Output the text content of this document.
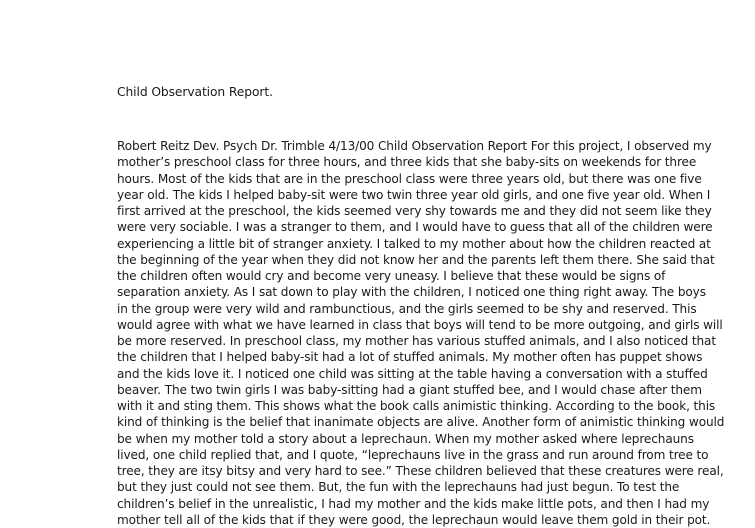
Child Observation Report.
Robert Reitz Dev. Psych Dr. Trimble 4/13/00 Child Observation Report For this project, I observed my
mother’s preschool class for three hours, and three kids that she baby-sits on weekends for three
hours. Most of the kids that are in the preschool class were three years old, but there was one five
year old. The kids I helped baby-sit were two twin three year old girls, and one five year old. When I
first arrived at the preschool, the kids seemed very shy towards me and they did not seem like they
were very sociable. I was a stranger to them, and I would have to guess that all of the children were
experiencing a little bit of stranger anxiety. I talked to my mother about how the children reacted at
the beginning of the year when they did not know her and the parents left them there. She said that
the children often would cry and become very uneasy. I believe that these would be signs of
separation anxiety. As I sat down to play with the children, I noticed one thing right away. The boys
in the group were very wild and rambunctious, and the girls seemed to be shy and reserved. This
would agree with what we have learned in class that boys will tend to be more outgoing, and girls will
be more reserved. In preschool class, my mother has various stuffed animals, and I also noticed that
the children that I helped baby-sit had a lot of stuffed animals. My mother often has puppet shows
and the kids love it. I noticed one child was sitting at the table having a conversation with a stuffed
beaver. The two twin girls I was baby-sitting had a giant stuffed bee, and I would chase after them
with it and sting them. This shows what the book calls animistic thinking. According to the book, this
kind of thinking is the belief that inanimate objects are alive. Another form of animistic thinking would
be when my mother told a story about a leprechaun. When my mother asked where leprechauns
lived, one child replied that, and I quote, “leprechauns live in the grass and run around from tree to
tree, they are itsy bitsy and very hard to see.” These children believed that these creatures were real,
but they just could not see them. But, the fun with the leprechauns had just begun. To test the
children’s belief in the unrealistic, I had my mother and the kids make little pots, and then I had my
mother tell all of the kids that if they were good, the leprechaun would leave them gold in their pot.
